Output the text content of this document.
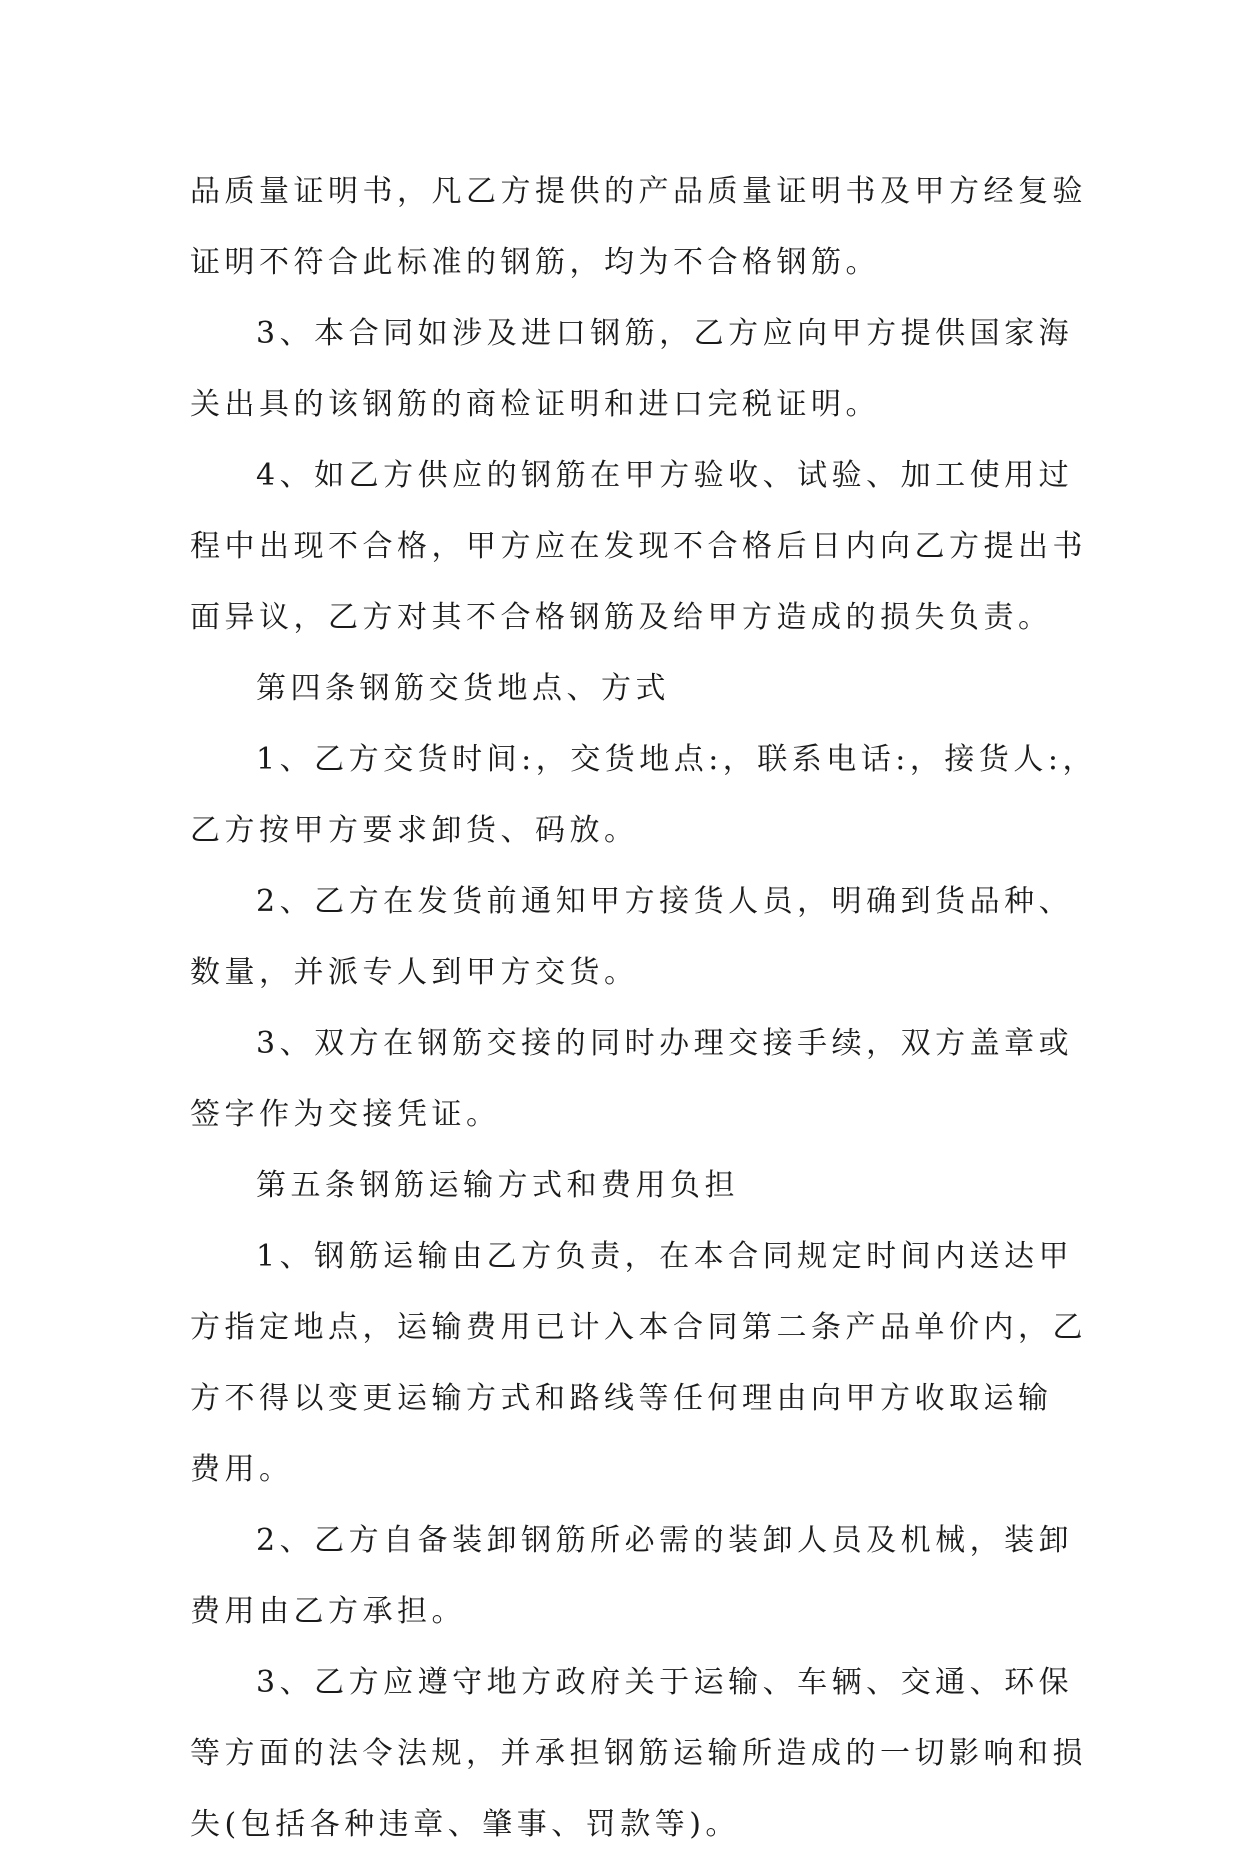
品质量证明书，凡乙方提供的产品质量证明书及甲方经复验
证明不符合此标准的钢筋，均为不合格钢筋。
3、本合同如涉及进口钢筋，乙方应向甲方提供国家海
关出具的该钢筋的商检证明和进口完税证明。
4、如乙方供应的钢筋在甲方验收、试验、加工使用过
程中出现不合格，甲方应在发现不合格后日内向乙方提出书
面异议，乙方对其不合格钢筋及给甲方造成的损失负责。
第四条钢筋交货地点、方式
1、乙方交货时间:，交货地点:，联系电话:，接货人:，
乙方按甲方要求卸货、码放。
2、乙方在发货前通知甲方接货人员，明确到货品种、
数量，并派专人到甲方交货。
3、双方在钢筋交接的同时办理交接手续，双方盖章或
签字作为交接凭证。
第五条钢筋运输方式和费用负担
1、钢筋运输由乙方负责，在本合同规定时间内送达甲
方指定地点，运输费用已计入本合同第二条产品单价内，乙
方不得以变更运输方式和路线等任何理由向甲方收取运输
费用。
2、乙方自备装卸钢筋所必需的装卸人员及机械，装卸
费用由乙方承担。
3、乙方应遵守地方政府关于运输、车辆、交通、环保
等方面的法令法规，并承担钢筋运输所造成的一切影响和损
失(包括各种违章、肇事、罚款等)。
